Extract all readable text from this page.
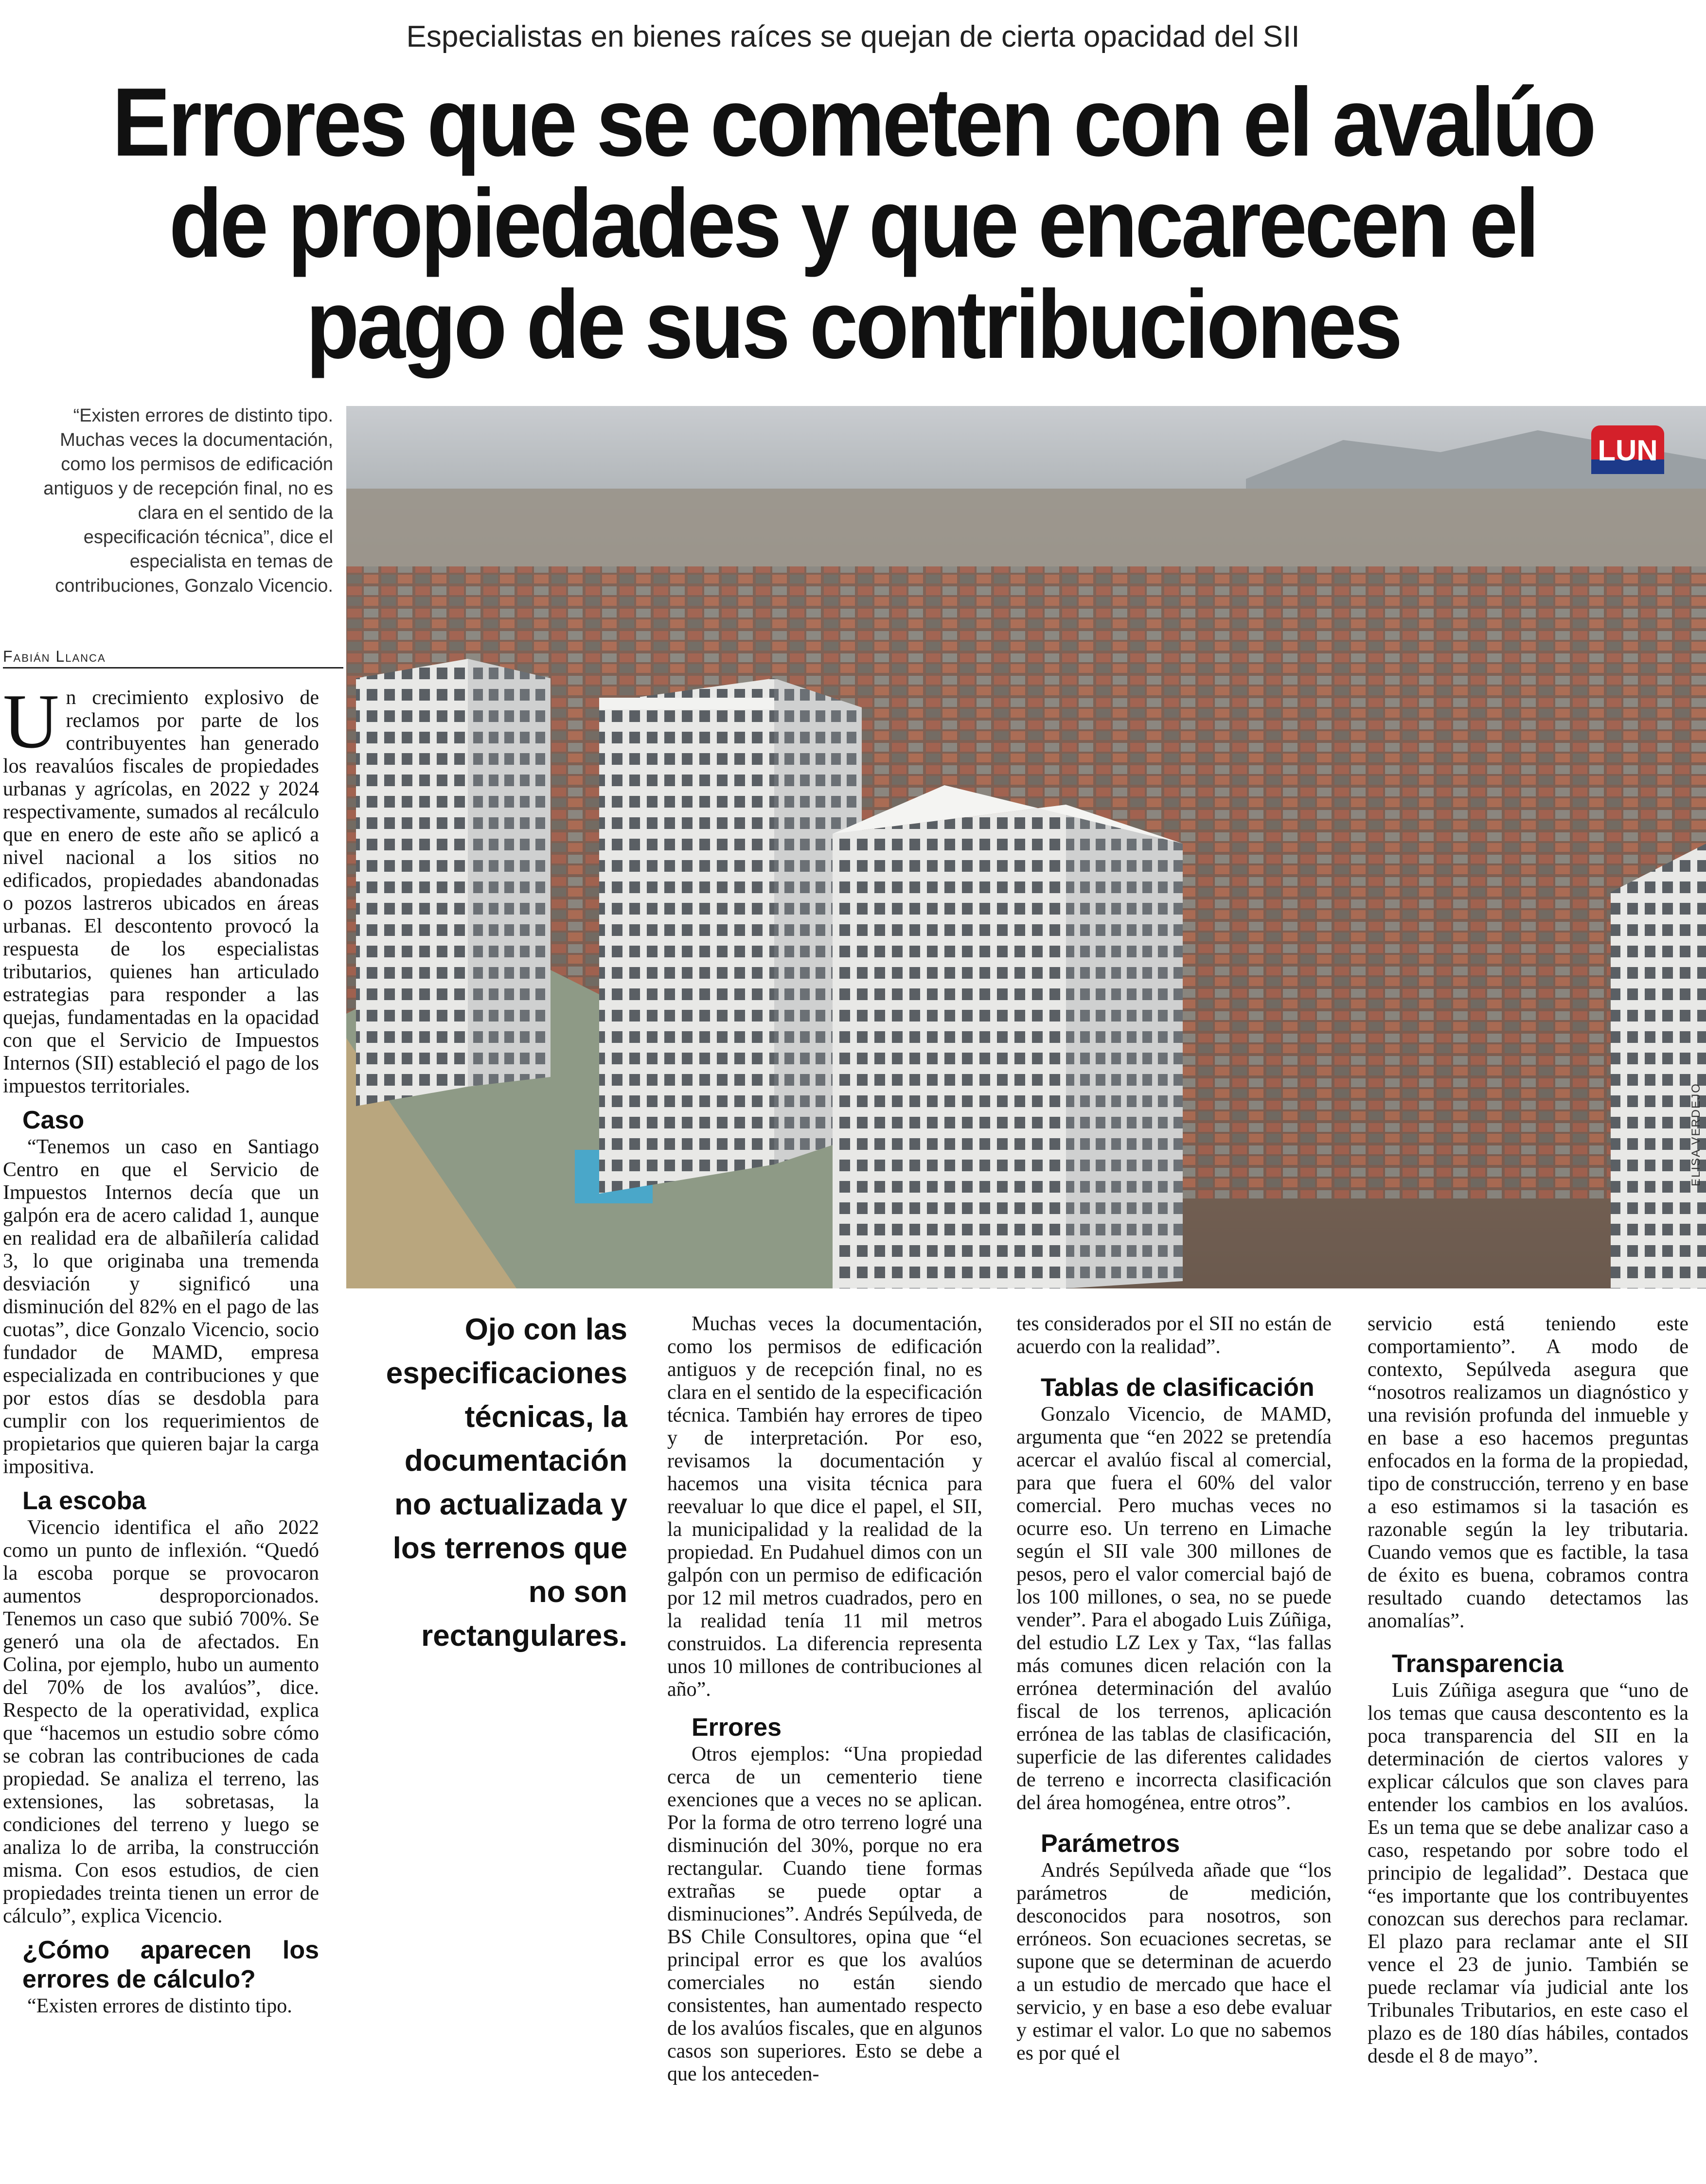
Especialistas en bienes raíces se quejan de cierta opacidad del SII
Errores que se cometen con el avalúo
de propiedades y que encarecen el
pago de sus contribuciones
“Existen errores de distinto tipo. Muchas veces la documentación, como los permisos de edificación antiguos y de recepción final, no es clara en el sentido de la especificación técnica”, dice el especialista en temas de contribuciones, Gonzalo Vicencio.
Fabián Llanca
LUN
ELISA VERDEJO

Un crecimiento explosivo de reclamos por parte de los contribuyentes han generado los reavalúos fiscales de propiedades urbanas y agrícolas, en 2022 y 2024 respectivamente, sumados al recálculo que en enero de este año se aplicó a nivel nacional a los sitios no edificados, propiedades abandonadas o pozos lastreros ubicados en áreas urbanas. El descontento provocó la respuesta de los especialistas tributarios, quienes han articulado estrategias para responder a las quejas, fundamentadas en la opacidad con que el Servicio de Impuestos Internos (SII) estableció el pago de los impuestos territoriales.

Caso

“Tenemos un caso en Santiago Centro en que el Servicio de Impuestos Internos decía que un galpón era de acero calidad 1, aunque en realidad era de albañilería calidad 3, lo que originaba una tremenda desviación y significó una disminución del 82% en el pago de las cuotas”, dice Gonzalo Vicencio, socio fundador de MAMD, empresa especializada en contribuciones y que por estos días se desdobla para cumplir con los requerimientos de propietarios que quieren bajar la carga impositiva.

La escoba

Vicencio identifica el año 2022 como un punto de inflexión. “Quedó la escoba porque se provocaron aumentos desproporcionados. Tenemos un caso que subió 700%. Se generó una ola de afectados. En Colina, por ejemplo, hubo un aumento del 70% de los avalúos”, dice. Respecto de la operatividad, explica que “hacemos un estudio sobre cómo se cobran las contribuciones de cada propiedad. Se analiza el terreno, las extensiones, las sobretasas, la condiciones del terreno y luego se analiza lo de arriba, la construcción misma. Con esos estudios, de cien propiedades treinta tienen un error de cálculo”, explica Vicencio.

¿Cómo aparecen los errores de cálculo?

“Existen errores de distinto tipo.

Ojo con las especificaciones técnicas, la documentación no actualizada y los terrenos que no son rectangulares.

Muchas veces la documentación, como los permisos de edificación antiguos y de recepción final, no es clara en el sentido de la especificación técnica. También hay errores de tipeo y de interpretación. Por eso, revisamos la documentación y hacemos una visita técnica para reevaluar lo que dice el papel, el SII, la municipalidad y la realidad de la propiedad. En Pudahuel dimos con un galpón con un permiso de edificación por 12 mil metros cuadrados, pero en la realidad tenía 11 mil metros construidos. La diferencia representa unos 10 millones de contribuciones al año”.

Errores

Otros ejemplos: “Una propiedad cerca de un cementerio tiene exenciones que a veces no se aplican. Por la forma de otro terreno logré una disminución del 30%, porque no era rectangular. Cuando tiene formas extrañas se puede optar a disminuciones”. Andrés Sepúlveda, de BS Chile Consultores, opina que “el principal error es que los avalúos comerciales no están siendo consistentes, han aumentado respecto de los avalúos fiscales, que en algunos casos son superiores. Esto se debe a que los anteceden-

tes considerados por el SII no están de acuerdo con la realidad”.

Tablas de clasificación

Gonzalo Vicencio, de MAMD, argumenta que “en 2022 se pretendía acercar el avalúo fiscal al comercial, para que fuera el 60% del valor comercial. Pero muchas veces no ocurre eso. Un terreno en Limache según el SII vale 300 millones de pesos, pero el valor comercial bajó de los 100 millones, o sea, no se puede vender”. Para el abogado Luis Zúñiga, del estudio LZ Lex y Tax, “las fallas más comunes dicen relación con la errónea determinación del avalúo fiscal de los terrenos, aplicación errónea de las tablas de clasificación, superficie de las diferentes calidades de terreno e incorrecta clasificación del área homogénea, entre otros”.

Parámetros

Andrés Sepúlveda añade que “los parámetros de medición, desconocidos para nosotros, son erróneos. Son ecuaciones secretas, se supone que se determinan de acuerdo a un estudio de mercado que hace el servicio, y en base a eso debe evaluar y estimar el valor. Lo que no sabemos es por qué el

servicio está teniendo este comportamiento”. A modo de contexto, Sepúlveda asegura que “nosotros realizamos un diagnóstico y una revisión profunda del inmueble y en base a eso hacemos preguntas enfocados en la forma de la propiedad, tipo de construcción, terreno y en base a eso estimamos si la tasación es razonable según la ley tributaria. Cuando vemos que es factible, la tasa de éxito es buena, cobramos contra resultado cuando detectamos las anomalías”.

Transparencia

Luis Zúñiga asegura que “uno de los temas que causa descontento es la poca transparencia del SII en la determinación de ciertos valores y explicar cálculos que son claves para entender los cambios en los avalúos. Es un tema que se debe analizar caso a caso, respetando por sobre todo el principio de legalidad”. Destaca que “es importante que los contribuyentes conozcan sus derechos para reclamar. El plazo para reclamar ante el SII vence el 23 de junio. También se puede reclamar vía judicial ante los Tribunales Tributarios, en este caso el plazo es de 180 días hábiles, contados desde el 8 de mayo”.
